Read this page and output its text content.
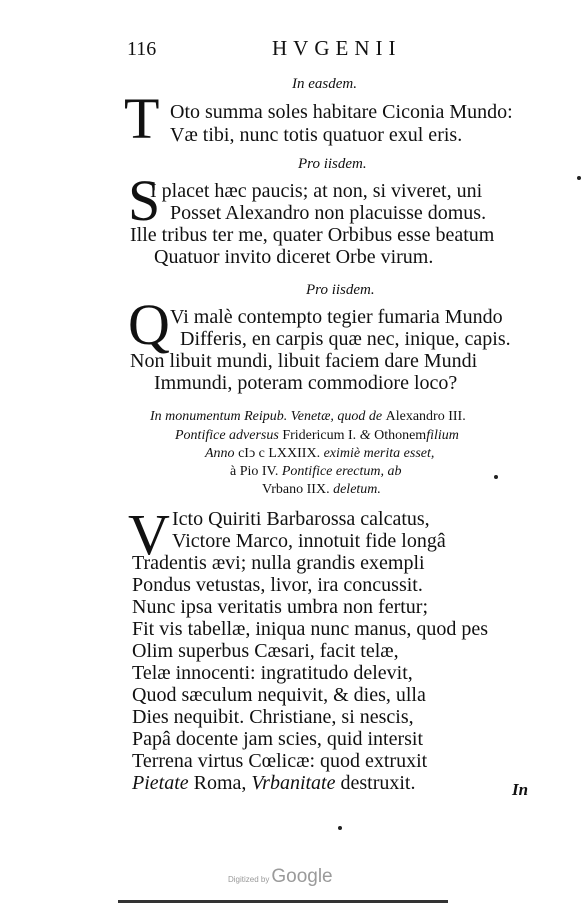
116	HVGENII
In easdem.
T Oto summa soles habitare Ciconia Mundo:
Væ tibi, nunc totis quatuor exul eris.
Pro iisdem.
S
I placet hæc paucis; at non, si viveret, uni
Posset Alexandro non placuisse domus.
Ille tribus ter me, quater Orbibus esse beatum
Quatuor invito diceret Orbe virum.
Pro iisdem.
Q Vi malè contempto tegier fumaria Mundo
Differis, en carpis quæ nec, inique, capis.
Non libuit mundi, libuit faciem dare Mundi
Immundi, poteram commodiore loco?
In monumentum Reipub. Venetæ, quod de Alexandro III.
Pontifice adversus Fridericum I. & Othonemfilium
Anno cIↄ c LXXIIX. eximiè merita esset,
à Pio IV. Pontifice erectum, ab
Vrbano IIX. deletum.
V Icto Quiriti Barbarossa calcatus,
Victore Marco, innotuit fide longâ
Tradentis ævi; nulla grandis exempli
Pondus vetustas, livor, ira concussit.
Nunc ipsa veritatis umbra non fertur;
Fit vis tabellæ, iniqua nunc manus, quod pes
Olim superbus Cæsari, facit telæ,
Telæ innocenti: ingratitudo delevit,
Quod sæculum nequivit, & dies, ulla
Dies nequibit. Christiane, si nescis,
Papâ docente jam scies, quid intersit
Terrena virtus Cœlicæ: quod extruxit
Pietate Roma, Vrbanitate destruxit.	In
Digitized by Google
